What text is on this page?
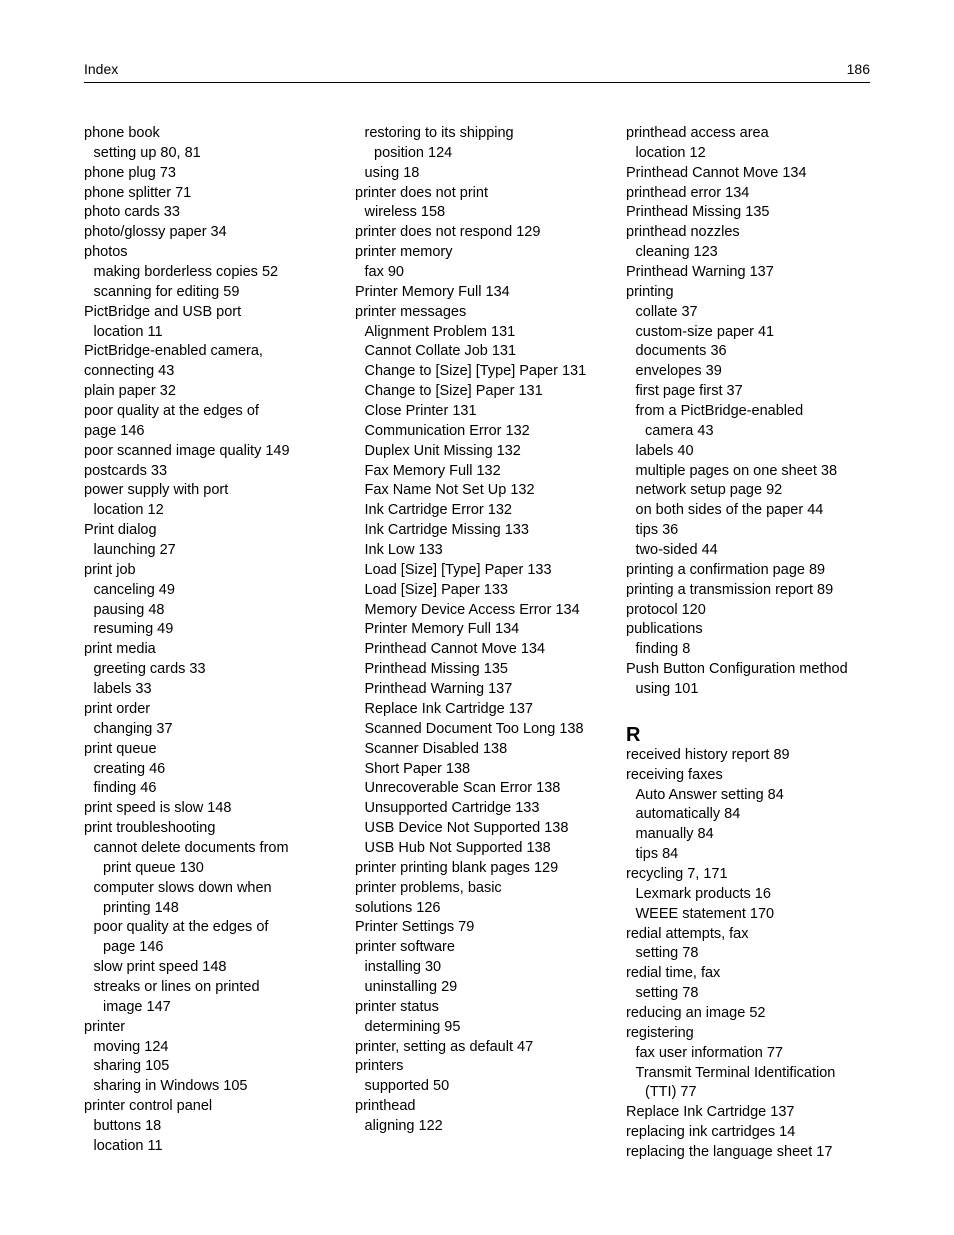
Index	186
phone book
setting up 80, 81
phone plug 73
phone splitter 71
photo cards 33
photo/glossy paper 34
photos
making borderless copies 52
scanning for editing 59
PictBridge and USB port
location 11
PictBridge-enabled camera,
connecting 43
plain paper 32
poor quality at the edges of
page 146
poor scanned image quality 149
postcards 33
power supply with port
location 12
Print dialog
launching 27
print job
canceling 49
pausing 48
resuming 49
print media
greeting cards 33
labels 33
print order
changing 37
print queue
creating 46
finding 46
print speed is slow 148
print troubleshooting
cannot delete documents from
print queue 130
computer slows down when
printing 148
poor quality at the edges of
page 146
slow print speed 148
streaks or lines on printed
image 147
printer
moving 124
sharing 105
sharing in Windows 105
printer control panel
buttons 18
location 11
restoring to its shipping
position 124
using 18
printer does not print
wireless 158
printer does not respond 129
printer memory
fax 90
Printer Memory Full 134
printer messages
Alignment Problem 131
Cannot Collate Job 131
Change to [Size] [Type] Paper 131
Change to [Size] Paper 131
Close Printer 131
Communication Error 132
Duplex Unit Missing 132
Fax Memory Full 132
Fax Name Not Set Up 132
Ink Cartridge Error 132
Ink Cartridge Missing 133
Ink Low 133
Load [Size] [Type] Paper 133
Load [Size] Paper 133
Memory Device Access Error 134
Printer Memory Full 134
Printhead Cannot Move 134
Printhead Missing 135
Printhead Warning 137
Replace Ink Cartridge 137
Scanned Document Too Long 138
Scanner Disabled 138
Short Paper 138
Unrecoverable Scan Error 138
Unsupported Cartridge 133
USB Device Not Supported 138
USB Hub Not Supported 138
printer printing blank pages 129
printer problems, basic
solutions 126
Printer Settings 79
printer software
installing 30
uninstalling 29
printer status
determining 95
printer, setting as default 47
printers
supported 50
printhead
aligning 122
printhead access area
location 12
Printhead Cannot Move 134
printhead error 134
Printhead Missing 135
printhead nozzles
cleaning 123
Printhead Warning 137
printing
collate 37
custom-size paper 41
documents 36
envelopes 39
first page first 37
from a PictBridge-enabled
camera 43
labels 40
multiple pages on one sheet 38
network setup page 92
on both sides of the paper 44
tips 36
two-sided 44
printing a confirmation page 89
printing a transmission report 89
protocol 120
publications
finding 8
Push Button Configuration method
using 101
R
received history report 89
receiving faxes
Auto Answer setting 84
automatically 84
manually 84
tips 84
recycling 7, 171
Lexmark products 16
WEEE statement 170
redial attempts, fax
setting 78
redial time, fax
setting 78
reducing an image 52
registering
fax user information 77
Transmit Terminal Identification
(TTI) 77
Replace Ink Cartridge 137
replacing ink cartridges 14
replacing the language sheet 17
